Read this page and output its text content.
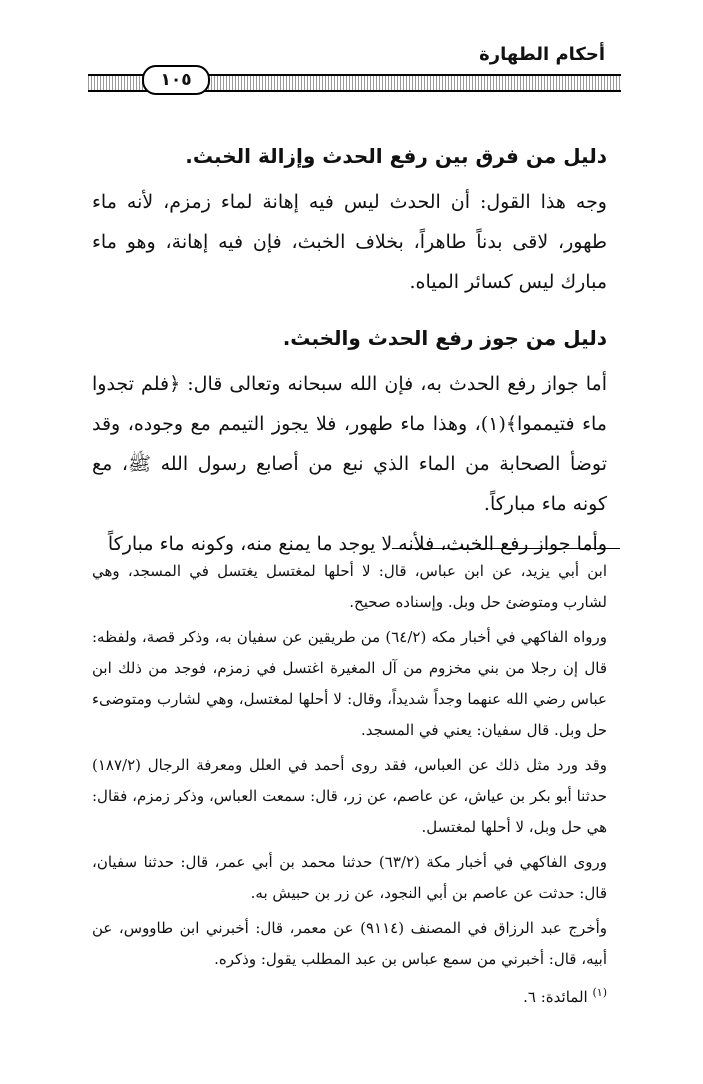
أحكام الطهارة
١٠٥
دليل من فرق بين رفع الحدث وإزالة الخبث.

وجه هذا القول: أن الحدث ليس فيه إهانة لماء زمزم، لأنه ماء طهور، لاقى بدناً طاهراً، بخلاف الخبث، فإن فيه إهانة، وهو ماء مبارك ليس كسائر المياه.

دليل من جوز رفع الحدث والخبث.

أما جواز رفع الحدث به، فإن الله سبحانه وتعالى قال: ﴿فلم تجدوا ماء فتيمموا﴾(١)، وهذا ماء طهور، فلا يجوز التيمم مع وجوده، وقد توضأ الصحابة من الماء الذي نبع من أصابع رسول الله ﷺ، مع كونه ماء مباركاً.

وأما جواز رفع الخبث، فلأنه لا يوجد ما يمنع منه، وكونه ماء مباركاً

ابن أبي يزيد، عن ابن عباس، قال: لا أحلها لمغتسل يغتسل في المسجد، وهي لشارب ومتوضئ حل وبل. وإسناده صحيح.

ورواه الفاكهي في أخبار مكه (٦٤/٢) من طريقين عن سفيان به، وذكر قصة، ولفظه: قال إن رجلا من بني مخزوم من آل المغيرة اغتسل في زمزم، فوجد من ذلك ابن عباس رضي الله عنهما وجداً شديداً، وقال: لا أحلها لمغتسل، وهي لشارب ومتوضىء حل وبل. قال سفيان: يعني في المسجد.

وقد ورد مثل ذلك عن العباس، فقد روى أحمد في العلل ومعرفة الرجال (١٨٧/٢) حدثنا أبو بكر بن عياش، عن عاصم، عن زر، قال: سمعت العباس، وذكر زمزم، فقال: هي حل وبل، لا أحلها لمغتسل.

وروى الفاكهي في أخبار مكة (٦٣/٢) حدثنا محمد بن أبي عمر، قال: حدثنا سفيان، قال: حدثت عن عاصم بن أبي النجود، عن زر بن حبيش به.

وأخرج عبد الرزاق في المصنف (٩١١٤) عن معمر، قال: أخبرني ابن طاووس، عن أبيه، قال: أخبرني من سمع عباس بن عبد المطلب يقول: وذكره.

$^{(١)}$ المائدة: ٦.
